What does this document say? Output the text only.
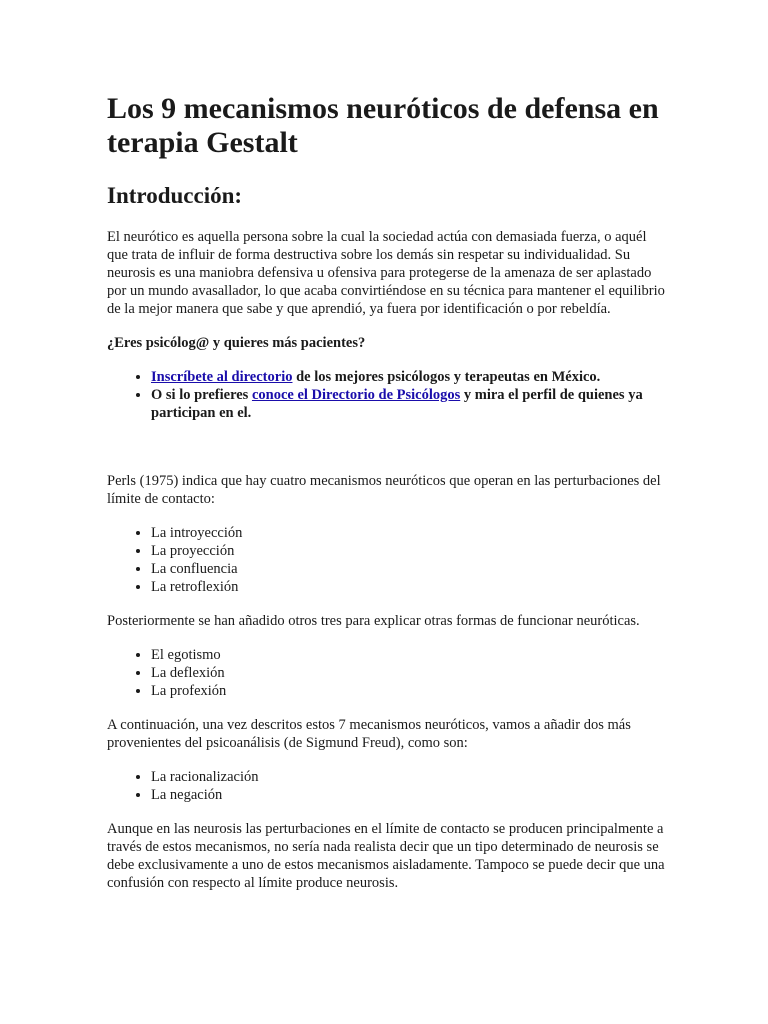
Los 9 mecanismos neuróticos de defensa en terapia Gestalt
Introducción:

El neurótico es aquella persona sobre la cual la sociedad actúa con demasiada fuerza, o aquél que trata de influir de forma destructiva sobre los demás sin respetar su individualidad. Su neurosis es una maniobra defensiva u ofensiva para protegerse de la amenaza de ser aplastado por un mundo avasallador, lo que acaba convirtiéndose en su técnica para mantener el equilibrio de la mejor manera que sabe y que aprendió, ya fuera por identificación o por rebeldía.

¿Eres psicólog@ y quieres más pacientes?

• Inscríbete al directorio de los mejores psicólogos y terapeutas en México.
• O si lo prefieres conoce el Directorio de Psicólogos y mira el perfil de quienes ya participan en el.

Perls (1975) indica que hay cuatro mecanismos neuróticos que operan en las perturbaciones del límite de contacto:

• La introyección
• La proyección
• La confluencia
• La retroflexión

Posteriormente se han añadido otros tres para explicar otras formas de funcionar neuróticas.

• El egotismo
• La deflexión
• La profexión

A continuación, una vez descritos estos 7 mecanismos neuróticos, vamos a añadir dos más provenientes del psicoanálisis (de Sigmund Freud), como son:

• La racionalización
• La negación

Aunque en las neurosis las perturbaciones en el límite de contacto se producen principalmente a través de estos mecanismos, no sería nada realista decir que un tipo determinado de neurosis se debe exclusivamente a uno de estos mecanismos aisladamente. Tampoco se puede decir que una confusión con respecto al límite produce neurosis.
